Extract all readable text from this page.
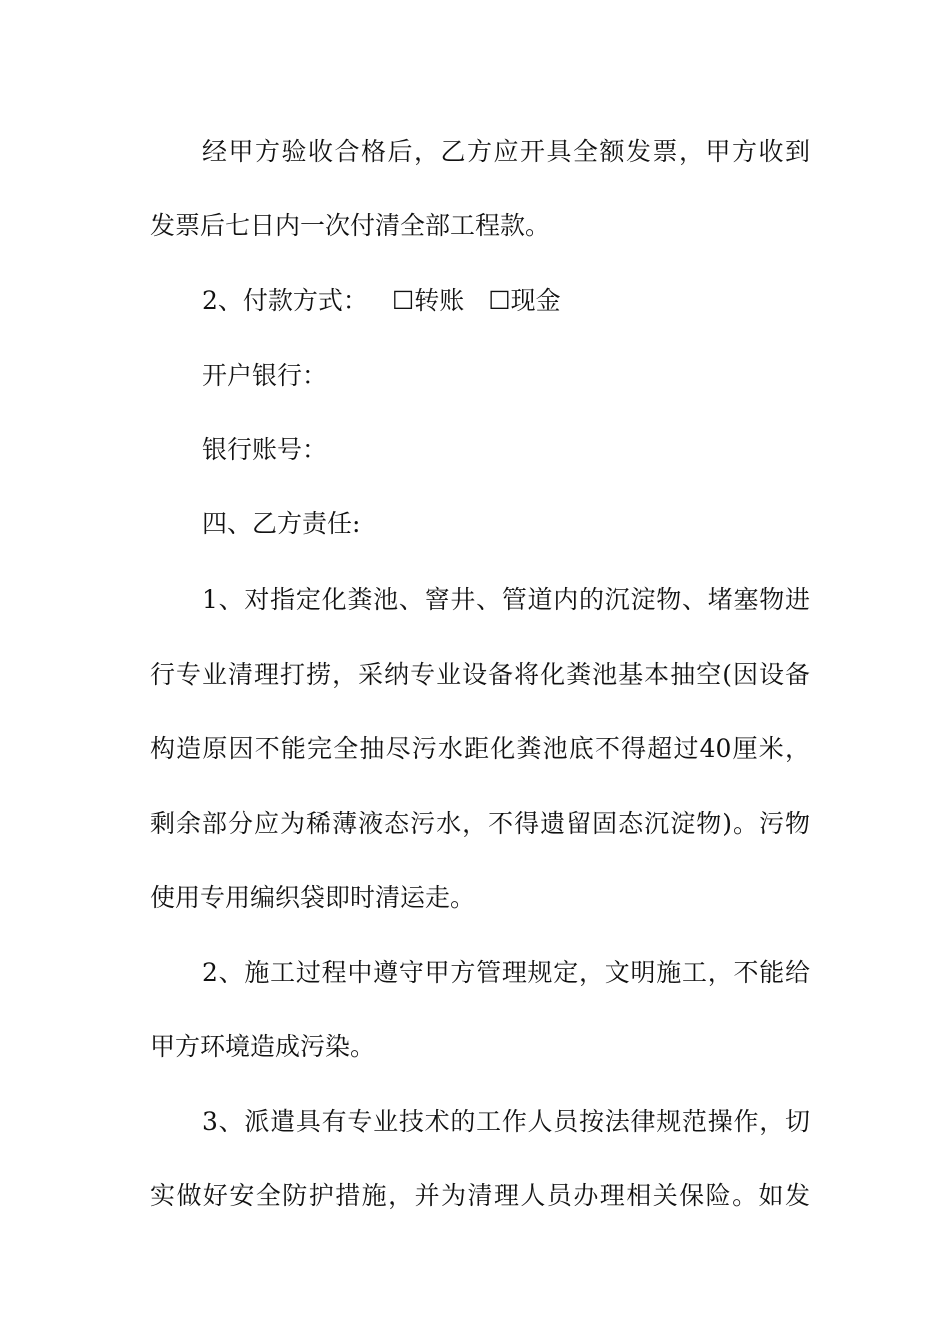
经甲方验收合格后，乙方应开具全额发票，甲方收到
发票后七日内一次付清全部工程款。
2、付款方式： ☐转账 ☐现金
开户银行：
银行账号：
四、乙方责任:
1、对指定化粪池、窨井、管道内的沉淀物、堵塞物进
行专业清理打捞，采纳专业设备将化粪池基本抽空(因设备
构造原因不能完全抽尽污水距化粪池底不得超过40厘米，
剩余部分应为稀薄液态污水，不得遗留固态沉淀物)。污物
使用专用编织袋即时清运走。
2、施工过程中遵守甲方管理规定，文明施工，不能给
甲方环境造成污染。
3、派遣具有专业技术的工作人员按法律规范操作，切
实做好安全防护措施，并为清理人员办理相关保险。如发
